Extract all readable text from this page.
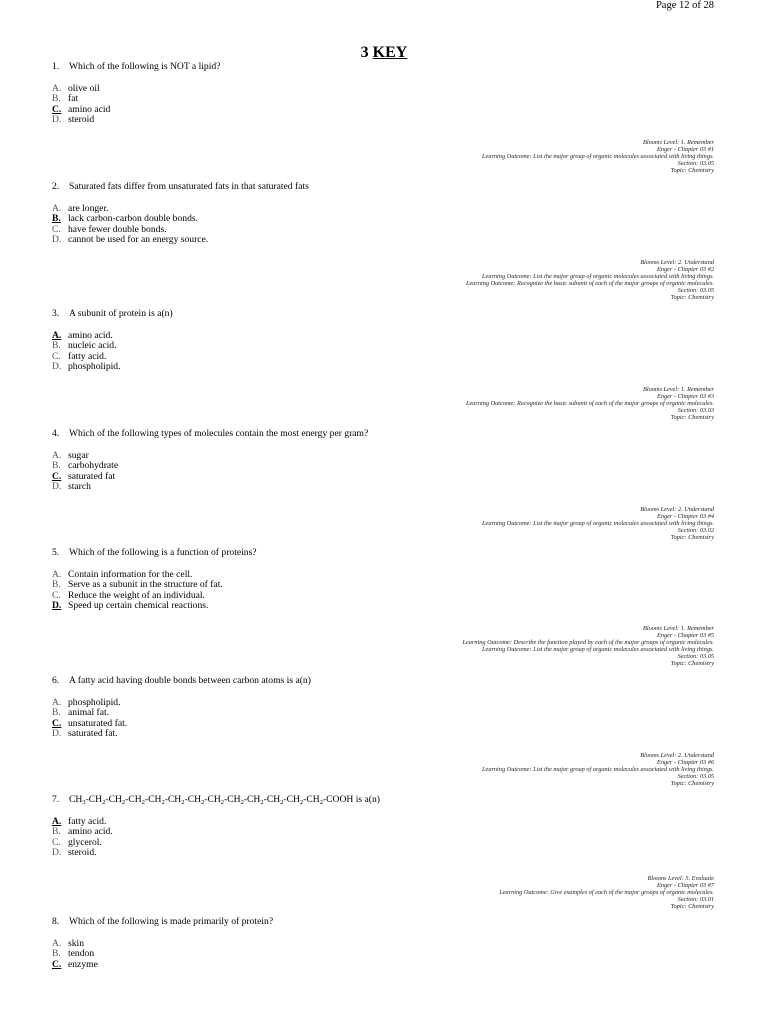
Page 12 of 28
3 KEY
1. Which of the following is NOT a lipid?
A. olive oil
B. fat
C. amino acid
D. steroid
Blooms Level: 1. Remember
Enger - Chapter 03 #1
Learning Outcome: List the major group of organic molecules associated with living things.
Section: 03.05
Topic: Chemistry
2. Saturated fats differ from unsaturated fats in that saturated fats
A. are longer.
B. lack carbon-carbon double bonds.
C. have fewer double bonds.
D. cannot be used for an energy source.
Blooms Level: 2. Understand
Enger - Chapter 03 #2
Learning Outcome: List the major group of organic molecules associated with living things.
Learning Outcome: Recognize the basic subunit of each of the major groups of organic molecules.
Section: 03.05
Topic: Chemistry
3. A subunit of protein is a(n)
A. amino acid.
B. nucleic acid.
C. fatty acid.
D. phospholipid.
Blooms Level: 1. Remember
Enger - Chapter 03 #3
Learning Outcome: Recognize the basic subunit of each of the major groups of organic molecules.
Section: 03.03
Topic: Chemistry
4. Which of the following types of molecules contain the most energy per gram?
A. sugar
B. carbohydrate
C. saturated fat
D. starch
Blooms Level: 2. Understand
Enger - Chapter 03 #4
Learning Outcome: List the major group of organic molecules associated with living things.
Section: 03.02
Topic: Chemistry
5. Which of the following is a function of proteins?
A. Contain information for the cell.
B. Serve as a subunit in the structure of fat.
C. Reduce the weight of an individual.
D. Speed up certain chemical reactions.
Blooms Level: 1. Remember
Enger - Chapter 03 #5
Learning Outcome: Describe the function played by each of the major groups of organic molecules.
Learning Outcome: List the major group of organic molecules associated with living things.
Section: 03.05
Topic: Chemistry
6. A fatty acid having double bonds between carbon atoms is a(n)
A. phospholipid.
B. animal fat.
C. unsaturated fat.
D. saturated fat.
Blooms Level: 2. Understand
Enger - Chapter 03 #6
Learning Outcome: List the major group of organic molecules associated with living things.
Section: 03.05
Topic: Chemistry
7. $CH_3-CH_2-CH_2-CH_2-CH_2-CH_2-CH_2-CH_2-CH_2-CH_2-CH_2-CH_2-CH_2$-COOH is a(n)
A. fatty acid.
B. amino acid.
C. glycerol.
D. steroid.
Blooms Level: 5. Evaluate
Enger - Chapter 03 #7
Learning Outcome: Give examples of each of the major groups of organic molecules.
Section: 03.01
Topic: Chemistry
8. Which of the following is made primarily of protein?
A. skin
B. tendon
C. enzyme
